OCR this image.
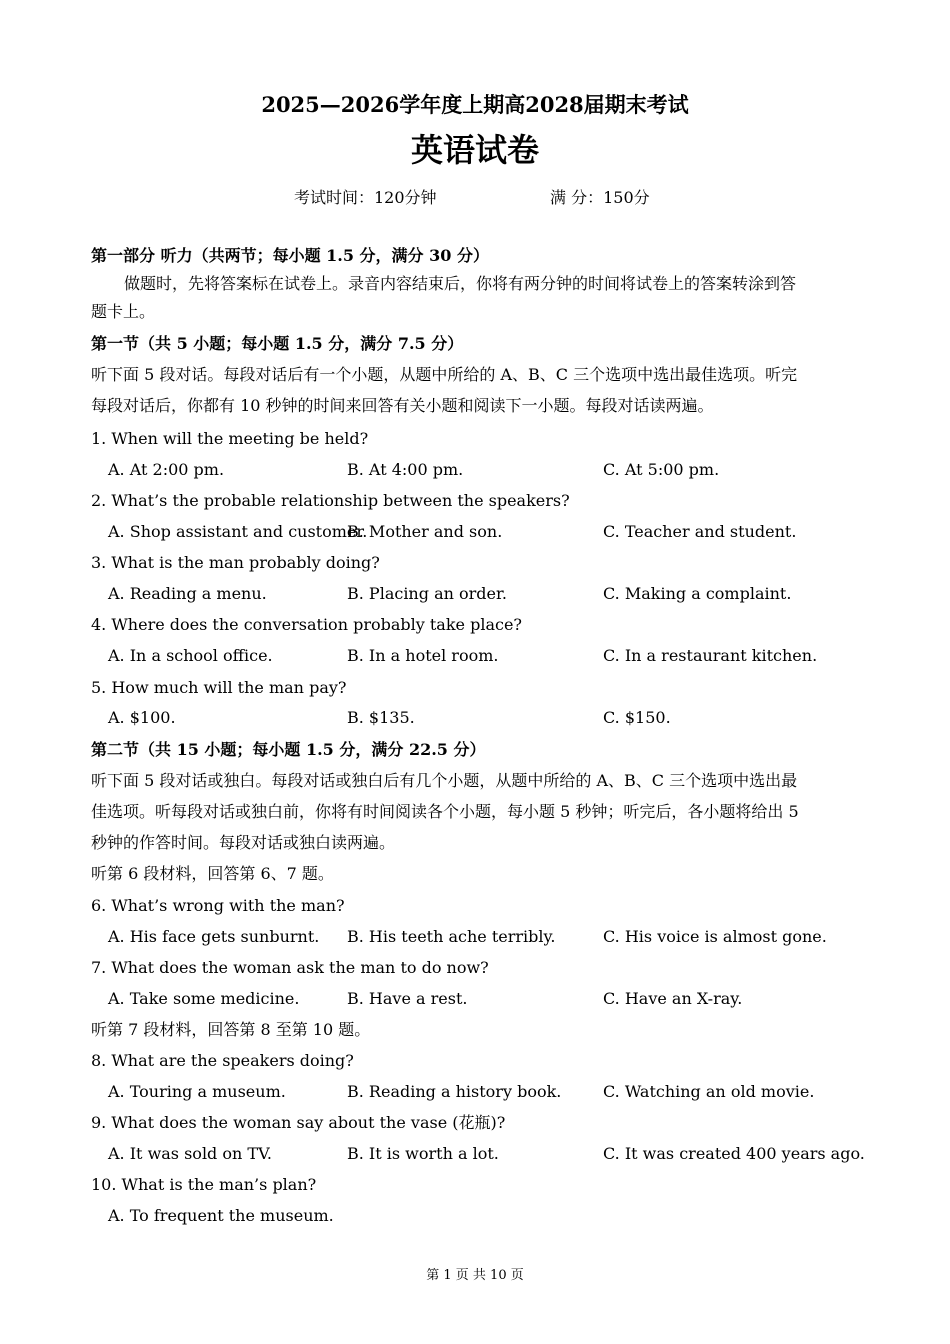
2025—2026学年度上期高2028届期末考试
英语试卷
考试时间：120分钟	满 分：150分
第一部分 听力（共两节；每小题 1.5 分，满分 30 分）
做题时，先将答案标在试卷上。录音内容结束后，你将有两分钟的时间将试卷上的答案转涂到答
题卡上。
第一节（共 5 小题；每小题 1.5 分，满分 7.5 分）
听下面 5 段对话。每段对话后有一个小题，从题中所给的 A、B、C 三个选项中选出最佳选项。听完
每段对话后，你都有 10 秒钟的时间来回答有关小题和阅读下一小题。每段对话读两遍。
1. When will the meeting be held?
A. At 2:00 pm.	B. At 4:00 pm.	C. At 5:00 pm.
2. What’s the probable relationship between the speakers?
A. Shop assistant and customer.
B. Mother and son.	C. Teacher and student.
3. What is the man probably doing?
A. Reading a menu.	B. Placing an order.	C. Making a complaint.
4. Where does the conversation probably take place?
A. In a school office.	B. In a hotel room.	C. In a restaurant kitchen.
5. How much will the man pay?
A. $100.	B. $135.	C. $150.
第二节（共 15 小题；每小题 1.5 分，满分 22.5 分）
听下面 5 段对话或独白。每段对话或独白后有几个小题，从题中所给的 A、B、C 三个选项中选出最
佳选项。听每段对话或独白前，你将有时间阅读各个小题，每小题 5 秒钟；听完后，各小题将给出 5
秒钟的作答时间。每段对话或独白读两遍。
听第 6 段材料，回答第 6、7 题。
6. What’s wrong with the man?
A. His face gets sunburnt. B. His teeth ache terribly.	C. His voice is almost gone.
7. What does the woman ask the man to do now?
A. Take some medicine.	B. Have a rest.	C. Have an X-ray.
听第 7 段材料，回答第 8 至第 10 题。
8. What are the speakers doing?
A. Touring a museum.	B. Reading a history book.	C. Watching an old movie.
9. What does the woman say about the vase (花瓶)?
A. It was sold on TV.	B. It is worth a lot.	C. It was created 400 years ago.
10. What is the man’s plan?
A. To frequent the museum.
第 1 页 共 10 页
